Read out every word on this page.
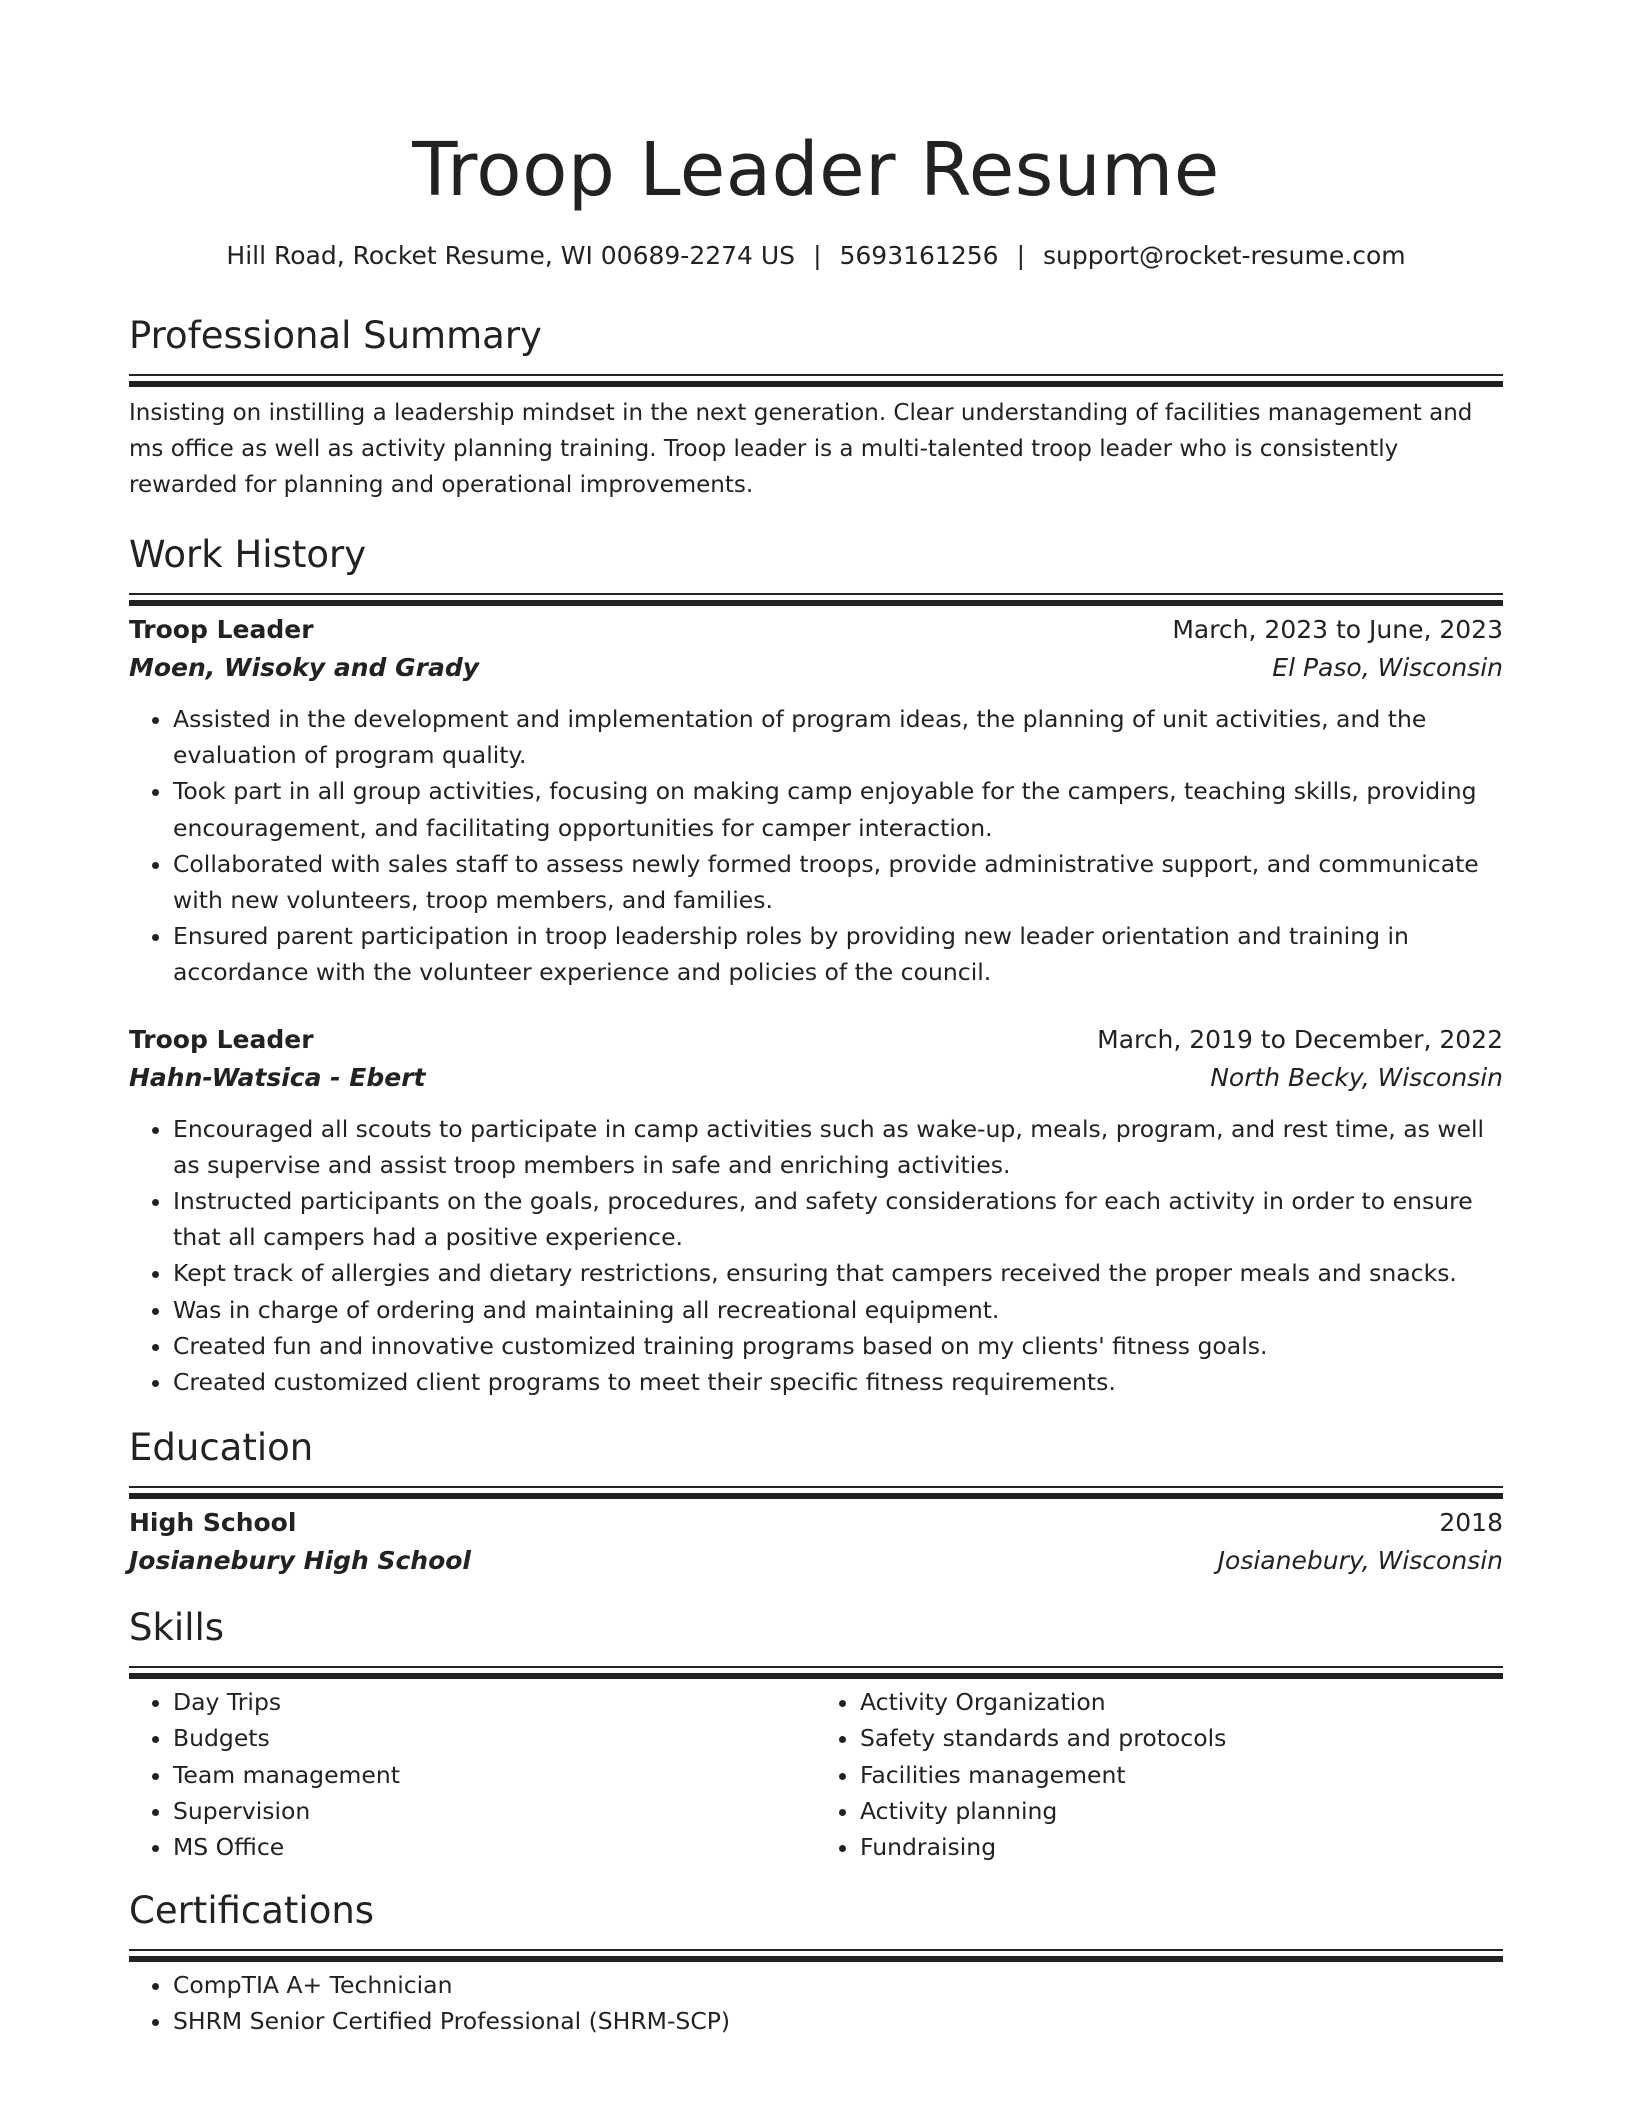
Troop Leader Resume
Hill Road, Rocket Resume, WI 00689-2274 US | 5693161256 | support@rocket-resume.com
Professional Summary

Insisting on instilling a leadership mindset in the next generation. Clear understanding of facilities management and ms office as well as activity planning training. Troop leader is a multi-talented troop leader who is consistently rewarded for planning and operational improvements.

Work History
Troop Leader	March, 2023 to June, 2023
Moen, Wisoky and Grady	El Paso, Wisconsin
• Assisted in the development and implementation of program ideas, the planning of unit activities, and the evaluation of program quality.
• Took part in all group activities, focusing on making camp enjoyable for the campers, teaching skills, providing encouragement, and facilitating opportunities for camper interaction.
• Collaborated with sales staff to assess newly formed troops, provide administrative support, and communicate with new volunteers, troop members, and families.
• Ensured parent participation in troop leadership roles by providing new leader orientation and training in accordance with the volunteer experience and policies of the council.
Troop Leader	March, 2019 to December, 2022
Hahn-Watsica - Ebert	North Becky, Wisconsin
• Encouraged all scouts to participate in camp activities such as wake-up, meals, program, and rest time, as well as supervise and assist troop members in safe and enriching activities.
• Instructed participants on the goals, procedures, and safety considerations for each activity in order to ensure that all campers had a positive experience.
• Kept track of allergies and dietary restrictions, ensuring that campers received the proper meals and snacks.
• Was in charge of ordering and maintaining all recreational equipment.
• Created fun and innovative customized training programs based on my clients' fitness goals.
• Created customized client programs to meet their specific fitness requirements.
Education
High School	2018
Josianebury High School	Josianebury, Wisconsin
Skills
• Day Trips
• Budgets
• Team management
• Supervision
• MS Office
• Activity Organization
• Safety standards and protocols
• Facilities management
• Activity planning
• Fundraising
Certifications
• CompTIA A+ Technician
• SHRM Senior Certified Professional (SHRM-SCP)
